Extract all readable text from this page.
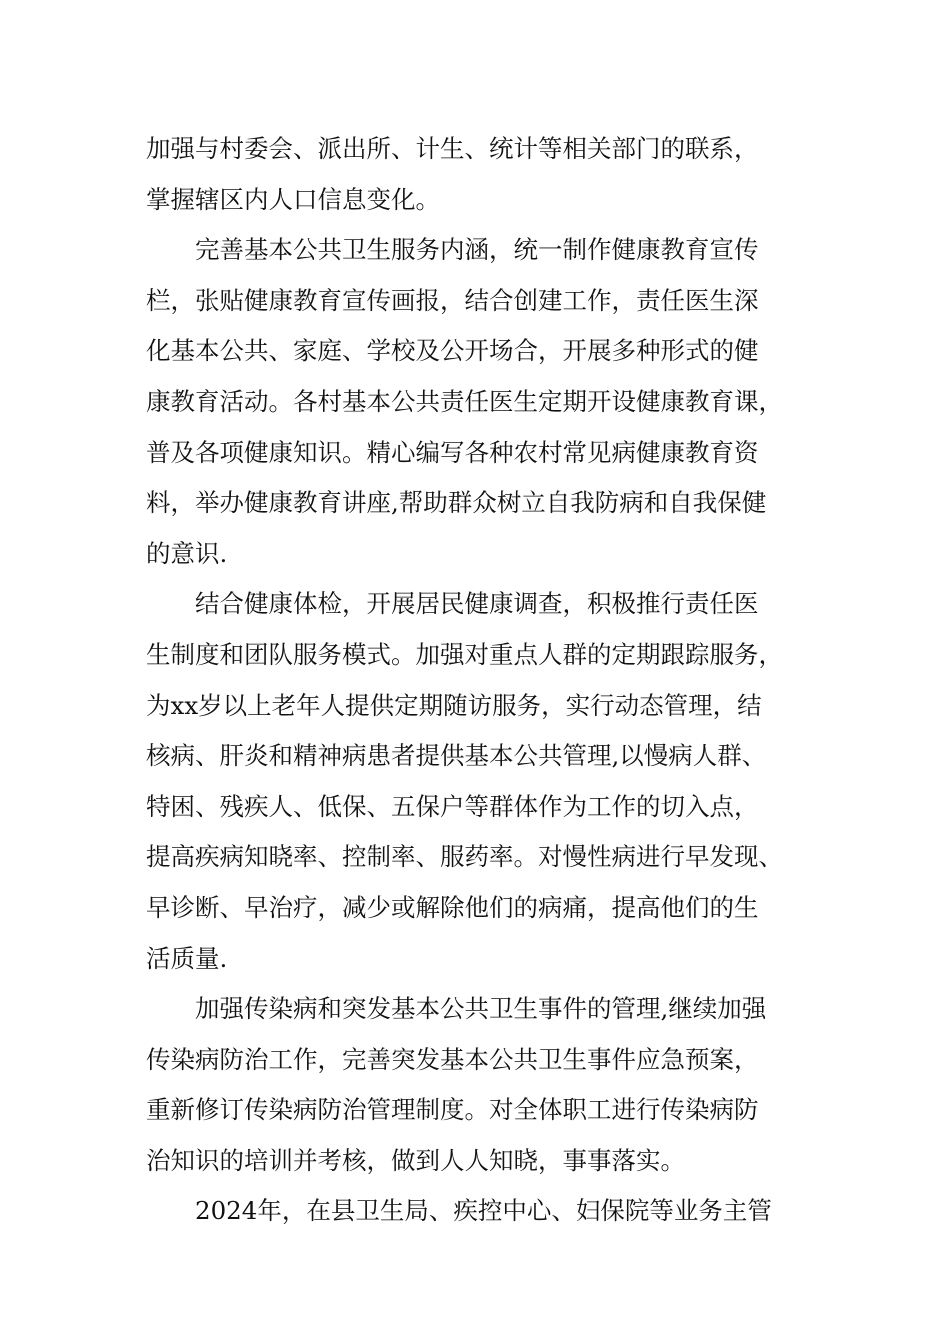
加强与村委会、派出所、计生、统计等相关部门的联系，
掌握辖区内人口信息变化。
完善基本公共卫生服务内涵，统一制作健康教育宣传
栏，张贴健康教育宣传画报，结合创建工作，责任医生深
化基本公共、家庭、学校及公开场合，开展多种形式的健
康教育活动。各村基本公共责任医生定期开设健康教育课，
普及各项健康知识。精心编写各种农村常见病健康教育资
料，举办健康教育讲座,帮助群众树立自我防病和自我保健
的意识.
结合健康体检，开展居民健康调查，积极推行责任医
生制度和团队服务模式。加强对重点人群的定期跟踪服务，
为xx岁以上老年人提供定期随访服务，实行动态管理，结
核病、肝炎和精神病患者提供基本公共管理,以慢病人群、
特困、残疾人、低保、五保户等群体作为工作的切入点，
提高疾病知晓率、控制率、服药率。对慢性病进行早发现、
早诊断、早治疗，减少或解除他们的病痛，提高他们的生
活质量.
加强传染病和突发基本公共卫生事件的管理,继续加强
传染病防治工作，完善突发基本公共卫生事件应急预案，
重新修订传染病防治管理制度。对全体职工进行传染病防
治知识的培训并考核，做到人人知晓，事事落实。
2024年，在县卫生局、疾控中心、妇保院等业务主管
